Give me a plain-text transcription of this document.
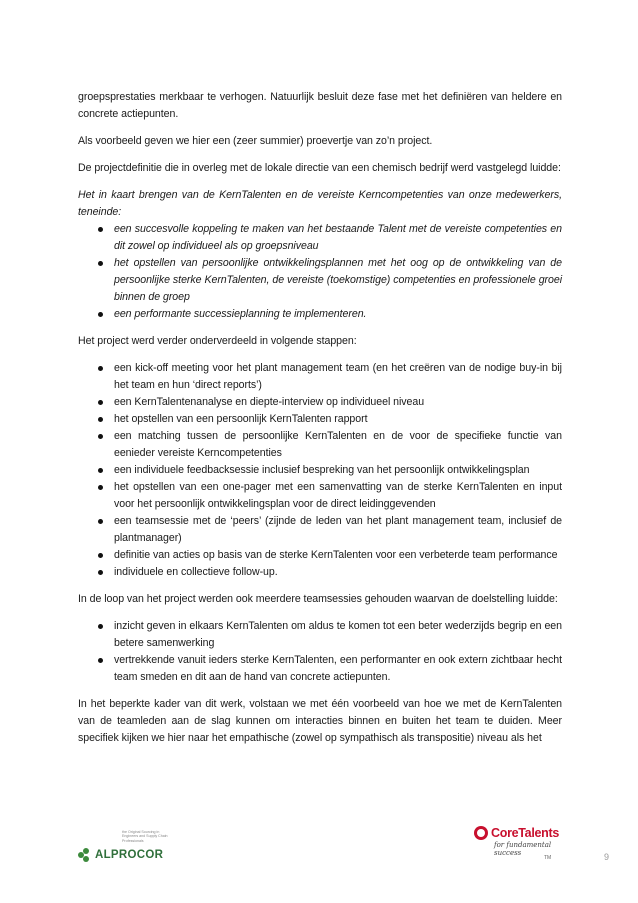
groepsprestaties merkbaar te verhogen. Natuurlijk besluit deze fase met het definiëren van heldere en concrete actiepunten.

Als voorbeeld geven we hier een (zeer summier) proevertje van zo’n project.

De projectdefinitie die in overleg met de lokale directie van een chemisch bedrijf werd vastgelegd luidde:

Het in kaart brengen van de KernTalenten en de vereiste Kerncompetenties van onze medewerkers, teneinde:

een succesvolle koppeling te maken van het bestaande Talent met de vereiste competenties en dit zowel op individueel als op groepsniveau
het opstellen van persoonlijke ontwikkelingsplannen met het oog op de ontwikkeling van de persoonlijke sterke KernTalenten, de vereiste (toekomstige) competenties en professionele groei binnen de groep
een performante successieplanning te implementeren.

Het project werd verder onderverdeeld in volgende stappen:

een kick-off meeting voor het plant management team (en het creëren van de nodige buy-in bij het team en hun ‘direct reports’)
een KernTalentenanalyse en diepte-interview op individueel niveau
het opstellen van een persoonlijk KernTalenten rapport
een matching tussen de persoonlijke KernTalenten en de voor de specifieke functie van eenieder vereiste Kerncompetenties
een individuele feedbacksessie inclusief bespreking van het persoonlijk ontwikkelingsplan
het opstellen van een one-pager met een samenvatting van de sterke KernTalenten en input voor het persoonlijk ontwikkelingsplan voor de direct leidinggevenden
een teamsessie met de ‘peers’ (zijnde de leden van het plant management team, inclusief de plantmanager)
definitie van acties op basis van de sterke KernTalenten voor een verbeterde team performance
individuele en collectieve follow-up.

In de loop van het project werden ook meerdere teamsessies gehouden waarvan de doelstelling luidde:

inzicht geven in elkaars KernTalenten om aldus te komen tot een beter wederzijds begrip en een betere samenwerking
vertrekkende vanuit ieders sterke KernTalenten, een performanter en ook extern zichtbaar hecht team smeden en dit aan de hand van concrete actiepunten.

In het beperkte kader van dit werk, volstaan we met één voorbeeld van hoe we met de KernTalenten van de teamleden aan de slag kunnen om interacties binnen en buiten het team te duiden. Meer specifiek kijken we hier naar het empathische (zowel op sympathisch als transpositie) niveau als het

the Original Sourcing in Engineers and Supply Chain Professionals
ALPROCOR
CoreTalents
for fundamental success
TM	9
